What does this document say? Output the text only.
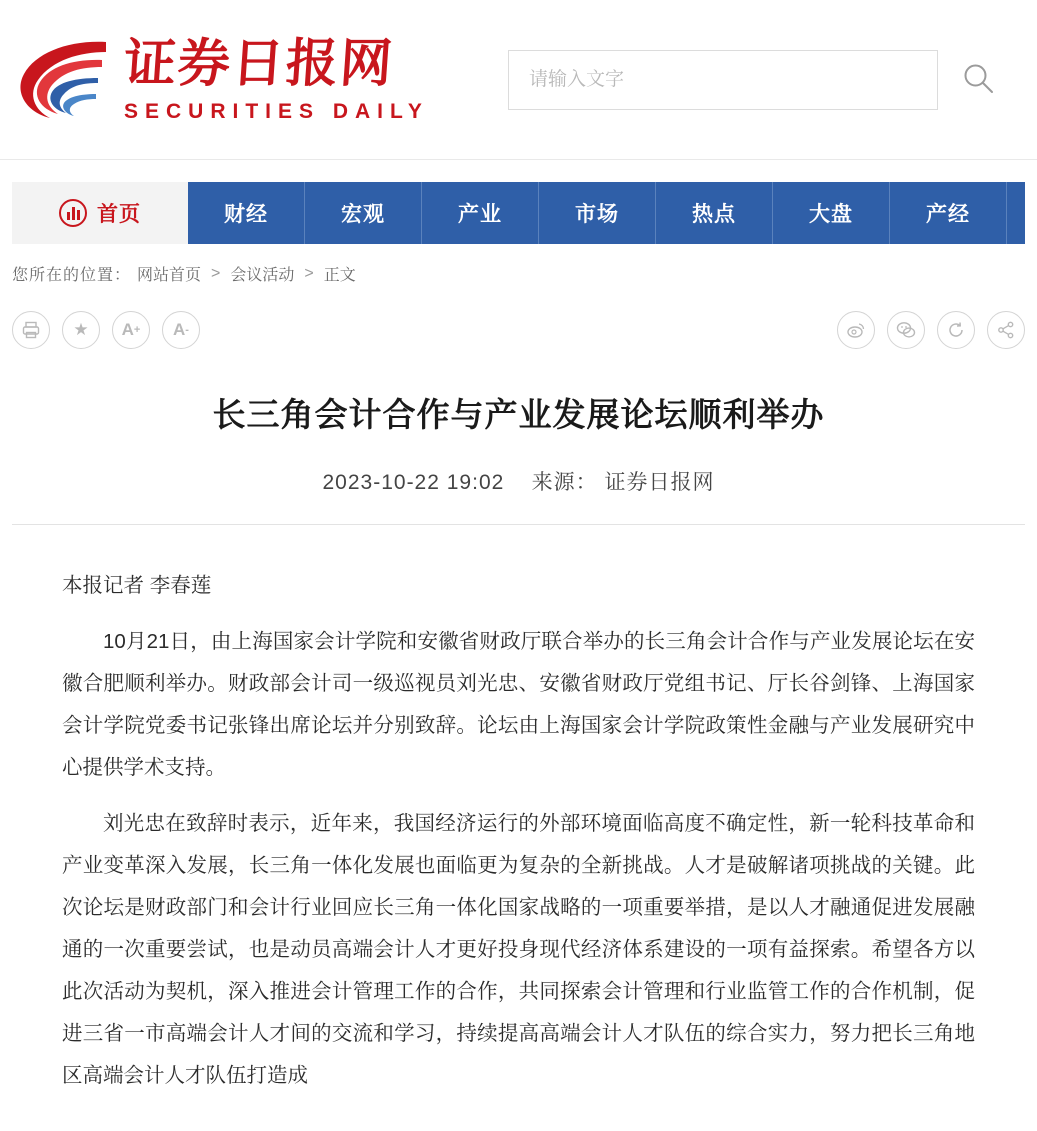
证券日报网
SECURITIES DAILY
请输入文字
首页	财经	宏观	产业	市场	热点	大盘	产经
您所在的位置： 网站首页 > 会议活动 > 正文
★ A + A -
长三角会计合作与产业发展论坛顺利举办
2023-10-22 19:02 来源： 证券日报网

本报记者 李春莲

10月21日，由上海国家会计学院和安徽省财政厅联合举办的长三角会计合作与产业发展论坛在安徽合肥顺利举办。财政部会计司一级巡视员刘光忠、安徽省财政厅党组书记、厅长谷剑锋、上海国家会计学院党委书记张锋出席论坛并分别致辞。论坛由上海国家会计学院政策性金融与产业发展研究中心提供学术支持。

刘光忠在致辞时表示，近年来，我国经济运行的外部环境面临高度不确定性，新一轮科技革命和产业变革深入发展，长三角一体化发展也面临更为复杂的全新挑战。人才是破解诸项挑战的关键。此次论坛是财政部门和会计行业回应长三角一体化国家战略的一项重要举措，是以人才融通促进发展融通的一次重要尝试，也是动员高端会计人才更好投身现代经济体系建设的一项有益探索。希望各方以此次活动为契机，深入推进会计管理工作的合作，共同探索会计管理和行业监管工作的合作机制，促进三省一市高端会计人才间的交流和学习，持续提高高端会计人才队伍的综合实力，努力把长三角地区高端会计人才队伍打造成
